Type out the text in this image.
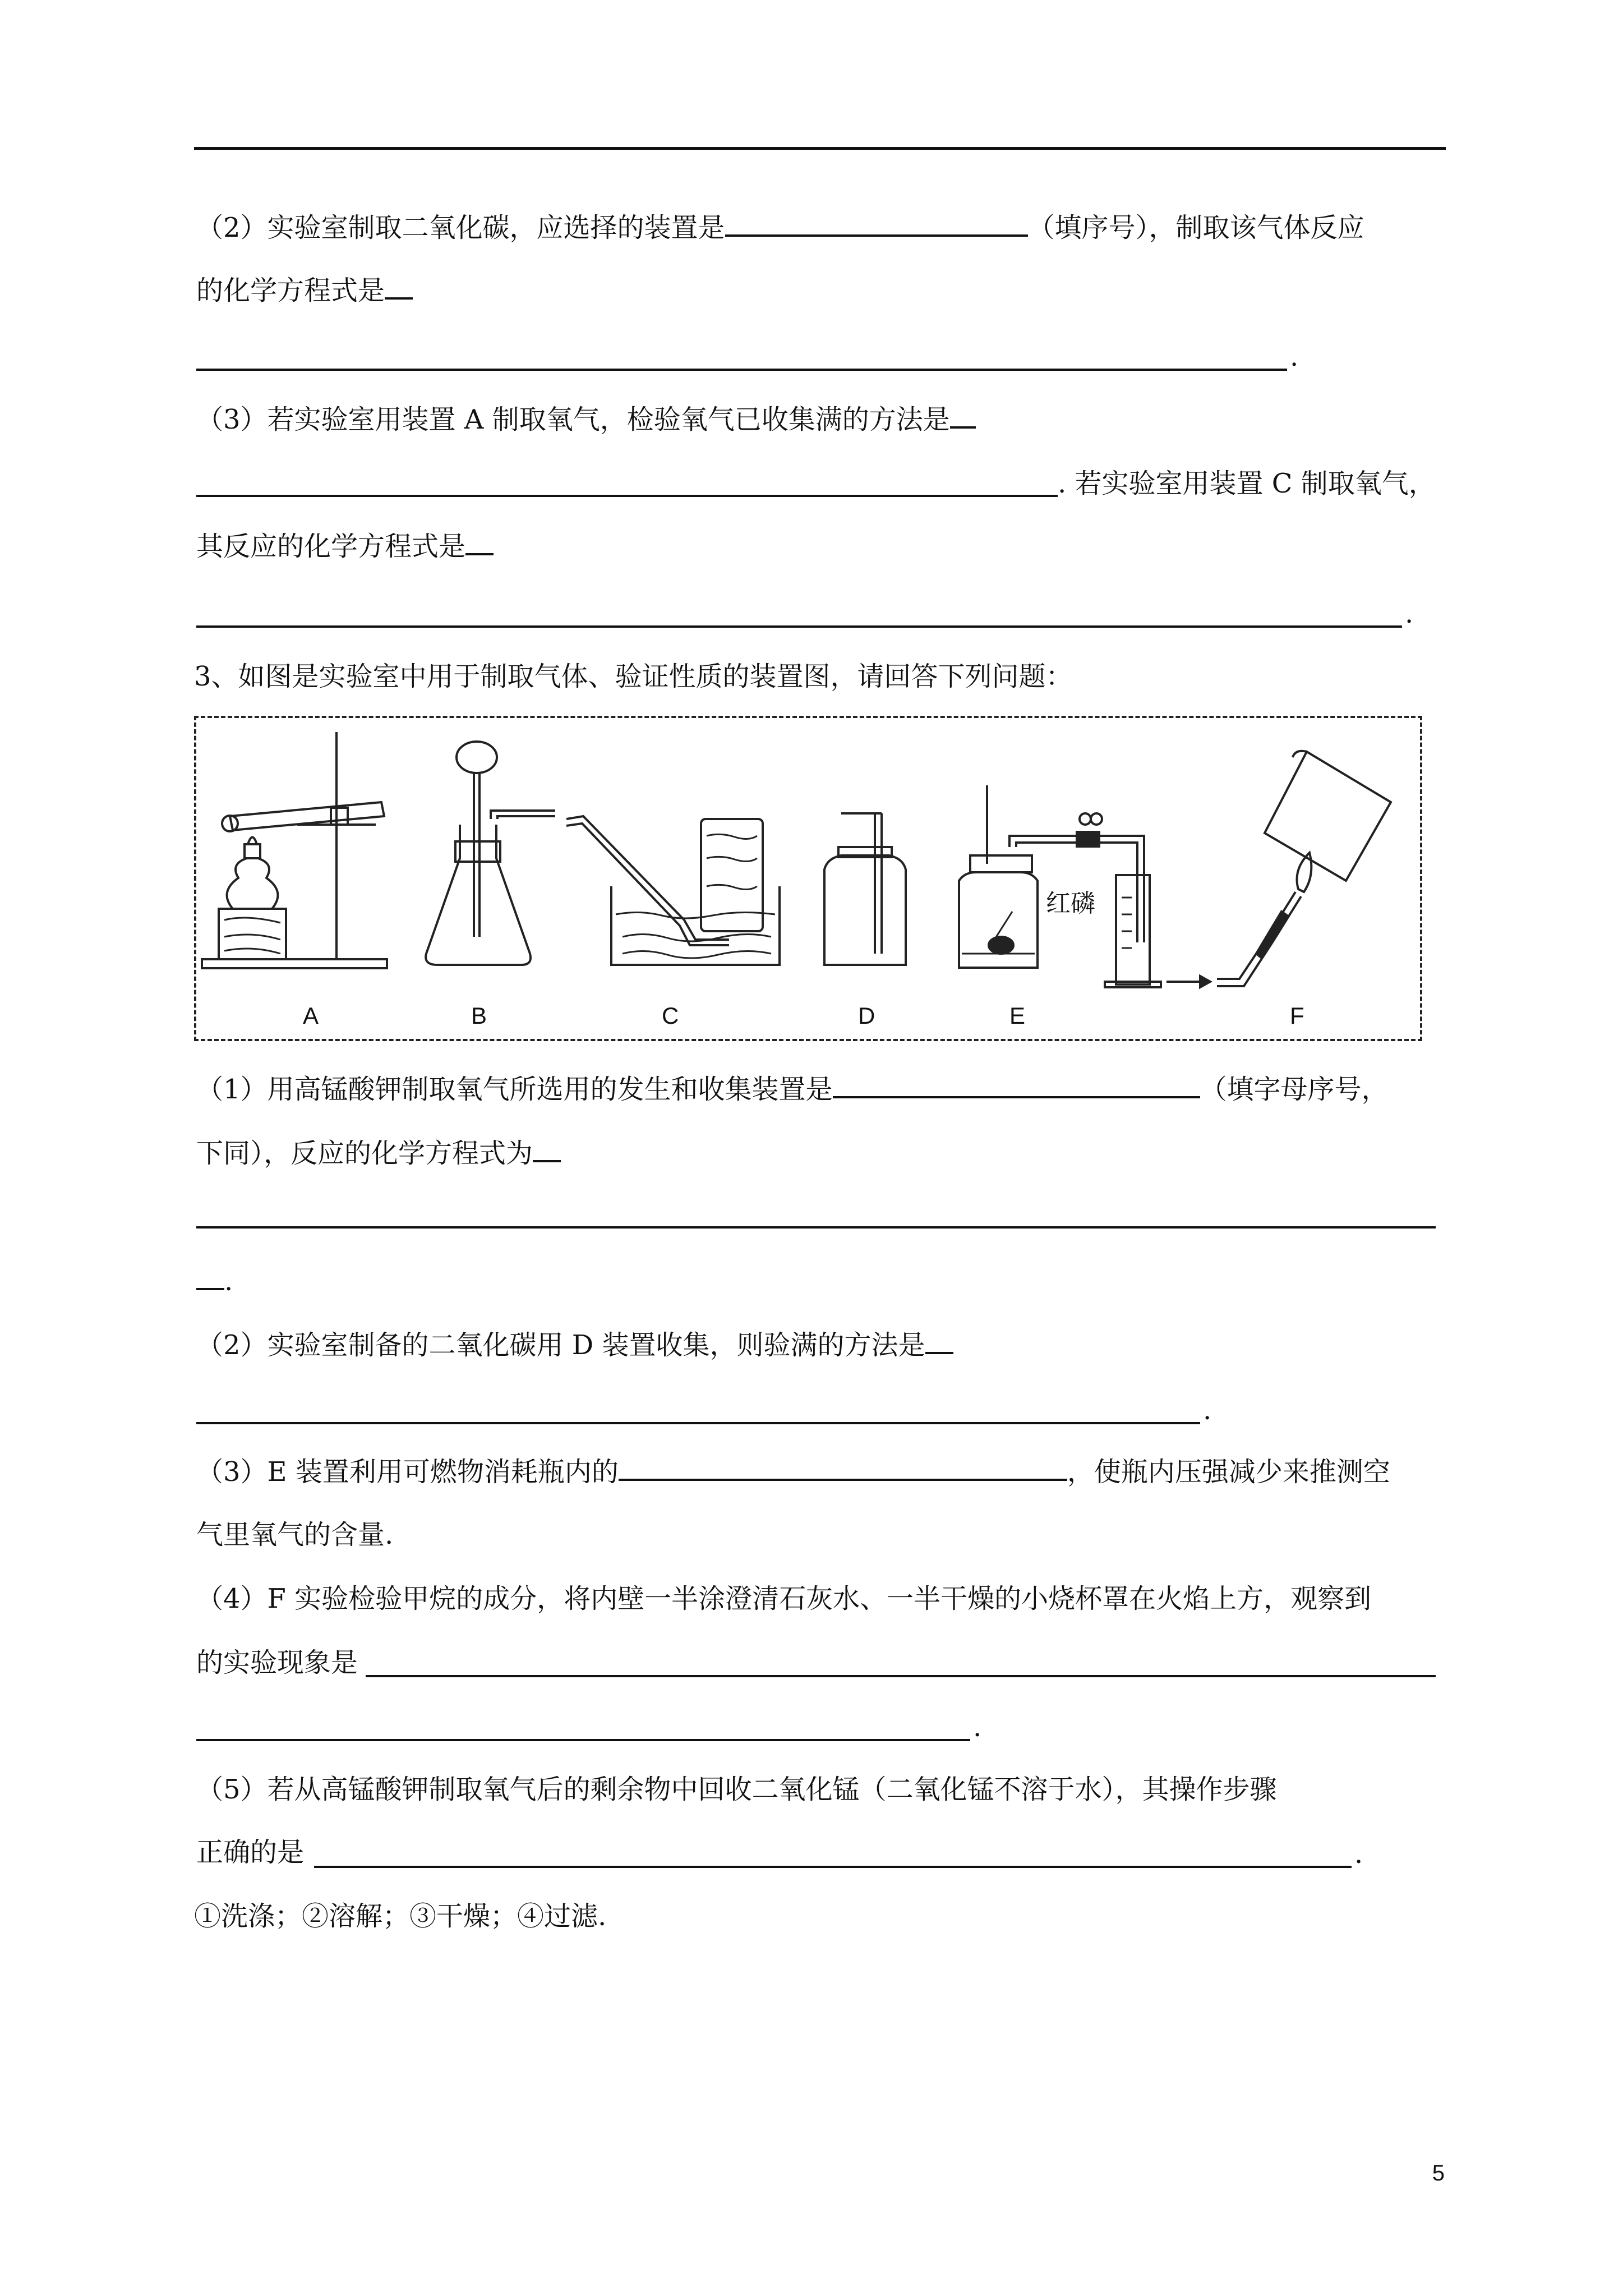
（2）实验室制取二氧化碳，应选择的装置是	（填序号），制取该气体反应
的化学方程式是
.
（3）若实验室用装置 A 制取氧气，检验氧气已收集满的方法是
. 若实验室用装置 C 制取氧气，
其反应的化学方程式是
.
3、如图是实验室中用于制取气体、验证性质的装置图，请回答下列问题：
红磷
A	B	C	D	E	F
（1）用高锰酸钾制取氧气所选用的发生和收集装置是	（填字母序号，
下同），反应的化学方程式为
.
（2）实验室制备的二氧化碳用 D 装置收集，则验满的方法是
.
（3）E 装置利用可燃物消耗瓶内的	，使瓶内压强减少来推测空
气里氧气的含量.
（4）F 实验检验甲烷的成分，将内壁一半涂澄清石灰水、一半干燥的小烧杯罩在火焰上方，观察到
的实验现象是
.
（5）若从高锰酸钾制取氧气后的剩余物中回收二氧化锰（二氧化锰不溶于水），其操作步骤
正确的是	.
①洗涤；②溶解；③干燥；④过滤.
5
